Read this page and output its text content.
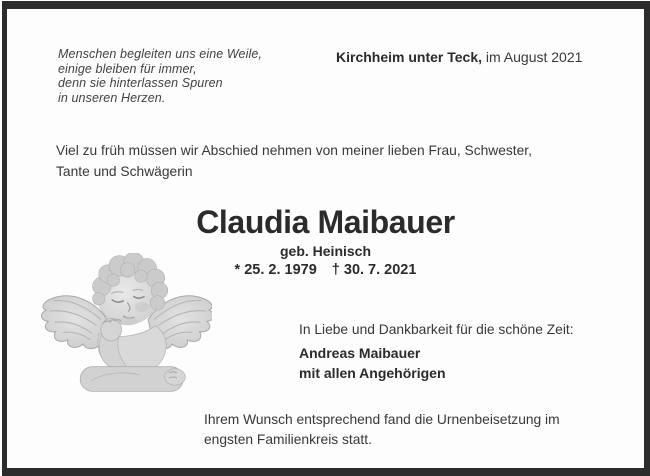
Menschen begleiten uns eine Weile,
einige bleiben für immer,
denn sie hinterlassen Spuren
in unseren Herzen.
Kirchheim unter Teck, im August 2021
Viel zu früh müssen wir Abschied nehmen von meiner lieben Frau, Schwester,
Tante und Schwägerin
Claudia Maibauer
geb. Heinisch
* 25. 2. 1979 † 30. 7. 2021
In Liebe und Dankbarkeit für die schöne Zeit:
Andreas Maibauer
mit allen Angehörigen
Ihrem Wunsch entsprechend fand die Urnenbeisetzung im
engsten Familienkreis statt.
